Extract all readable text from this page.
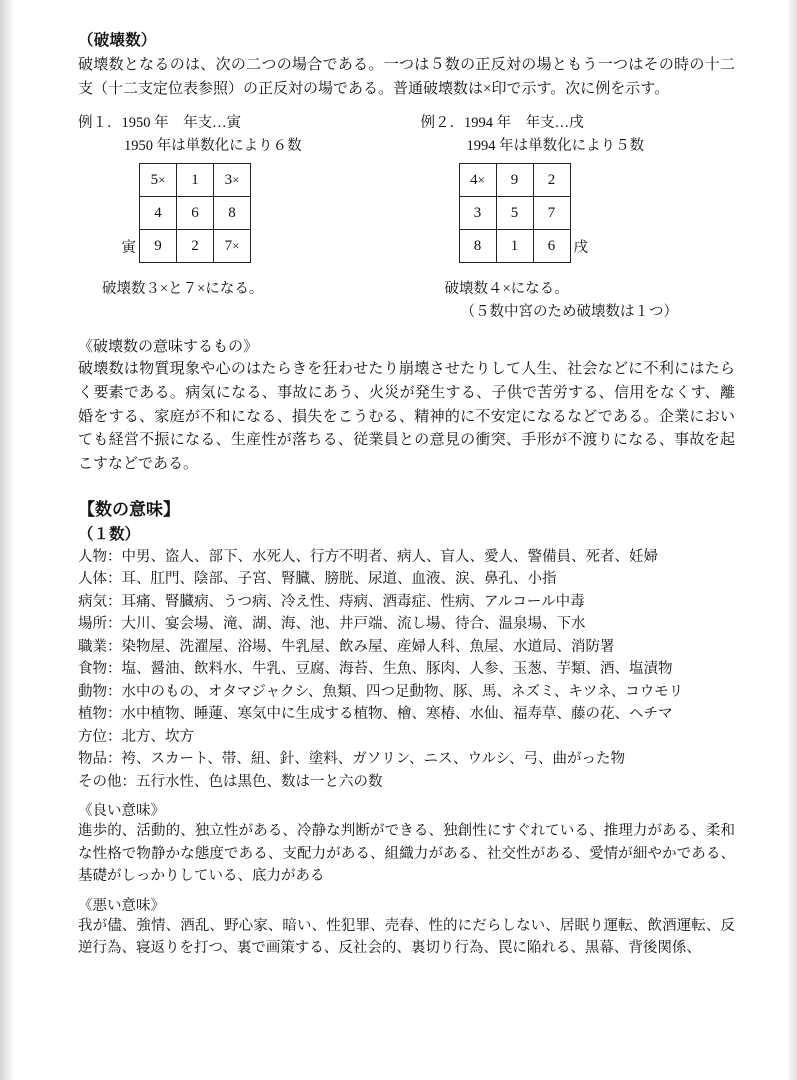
（破壊数）

破壊数となるのは、次の二つの場合である。一つは５数の正反対の場ともう一つはその時の十二支（十二支定位表参照）の正反対の場である。普通破壊数は×印で示す。次に例を示す。

例１．1950 年　年支…寅
1950 年は単数化により６数
寅
5×	1	3×
4	6	8
9	2	7×
破壊数３×と７×になる。
例２．1994 年　年支…戌
1994 年は単数化により５数
4×	9	2
3	5	7
8	1	6 戌
破壊数４×になる。
（５数中宮のため破壊数は１つ）
《破壊数の意味するもの》

破壊数は物質現象や心のはたらきを狂わせたり崩壊させたりして人生、社会などに不利にはたらく要素である。病気になる、事故にあう、火災が発生する、子供で苦労する、信用をなくす、離婚をする、家庭が不和になる、損失をこうむる、精神的に不安定になるなどである。企業においても経営不振になる、生産性が落ちる、従業員との意見の衝突、手形が不渡りになる、事故を起こすなどである。

【数の意味】
（１数）

人物：中男、盗人、部下、水死人、行方不明者、病人、盲人、愛人、警備員、死者、妊婦

人体：耳、肛門、陰部、子宮、腎臓、膀胱、尿道、血液、涙、鼻孔、小指

病気：耳痛、腎臓病、うつ病、冷え性、痔病、酒毒症、性病、アルコール中毒

場所：大川、宴会場、滝、湖、海、池、井戸端、流し場、待合、温泉場、下水

職業：染物屋、洗濯屋、浴場、牛乳屋、飲み屋、産婦人科、魚屋、水道局、消防署

食物：塩、醤油、飲料水、牛乳、豆腐、海苔、生魚、豚肉、人参、玉葱、芋類、酒、塩漬物

動物：水中のもの、オタマジャクシ、魚類、四つ足動物、豚、馬、ネズミ、キツネ、コウモリ

植物：水中植物、睡蓮、寒気中に生成する植物、檜、寒椿、水仙、福寿草、藤の花、ヘチマ

方位：北方、坎方

物品：袴、スカート、帯、紐、針、塗料、ガソリン、ニス、ウルシ、弓、曲がった物

その他：五行水性、色は黒色、数は一と六の数

《良い意味》

進歩的、活動的、独立性がある、冷静な判断ができる、独創性にすぐれている、推理力がある、柔和な性格で物静かな態度である、支配力がある、組織力がある、社交性がある、愛情が細やかである、基礎がしっかりしている、底力がある

《悪い意味》

我が儘、強情、酒乱、野心家、暗い、性犯罪、売春、性的にだらしない、居眠り運転、飲酒運転、反逆行為、寝返りを打つ、裏で画策する、反社会的、裏切り行為、罠に陥れる、黒幕、背後関係、
